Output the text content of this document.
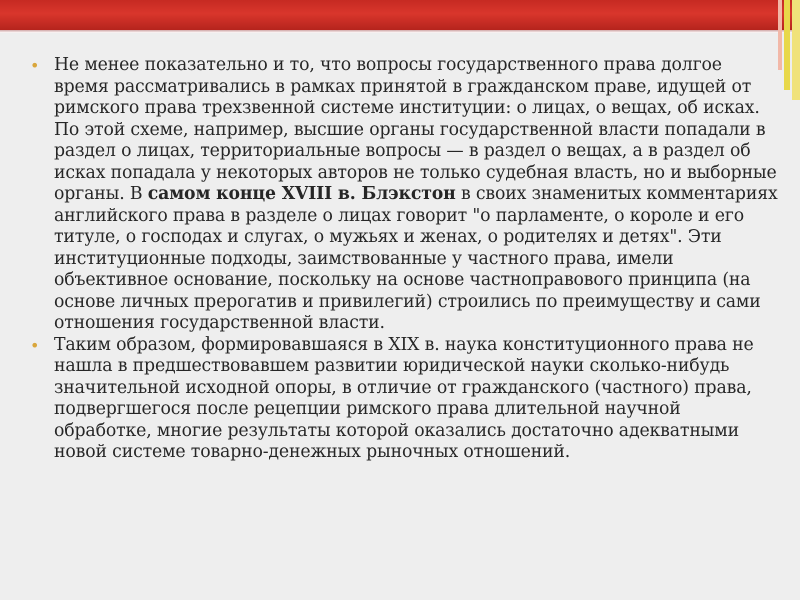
• Не менее показательно и то, что вопросы государственного права долгое время рассматривались в рамках принятой в гражданском праве, идущей от римского права трехзвенной системе институции: о лицах, о вещах, об исках. По этой схеме, например, высшие органы государственной власти попадали в раздел о лицах, территориальные вопросы — в раздел о вещах, а в раздел об исках попадала у некоторых авторов не только судебная власть, но и выборные органы. В самом конце XVIII в. Блэкстон в своих знаменитых комментариях английского права в разделе о лицах говорит "о парламенте, о короле и его титуле, о господах и слугах, о мужьях и женах, о родителях и детях". Эти институционные подходы, заимствованные у частного права, имели объективное основание, поскольку на основе частноправового принципа (на основе личных прерогатив и привилегий) строились по преимуществу и сами отношения государственной власти.

• Таким образом, формировавшаяся в XIX в. наука конституционного права не нашла в предшествовавшем развитии юридической науки сколько-нибудь значительной исходной опоры, в отличие от гражданского (частного) права, подвергшегося после рецепции римского права длительной научной обработке, многие результаты которой оказались достаточно адекватными новой системе товарно-денежных рыночных отношений.
